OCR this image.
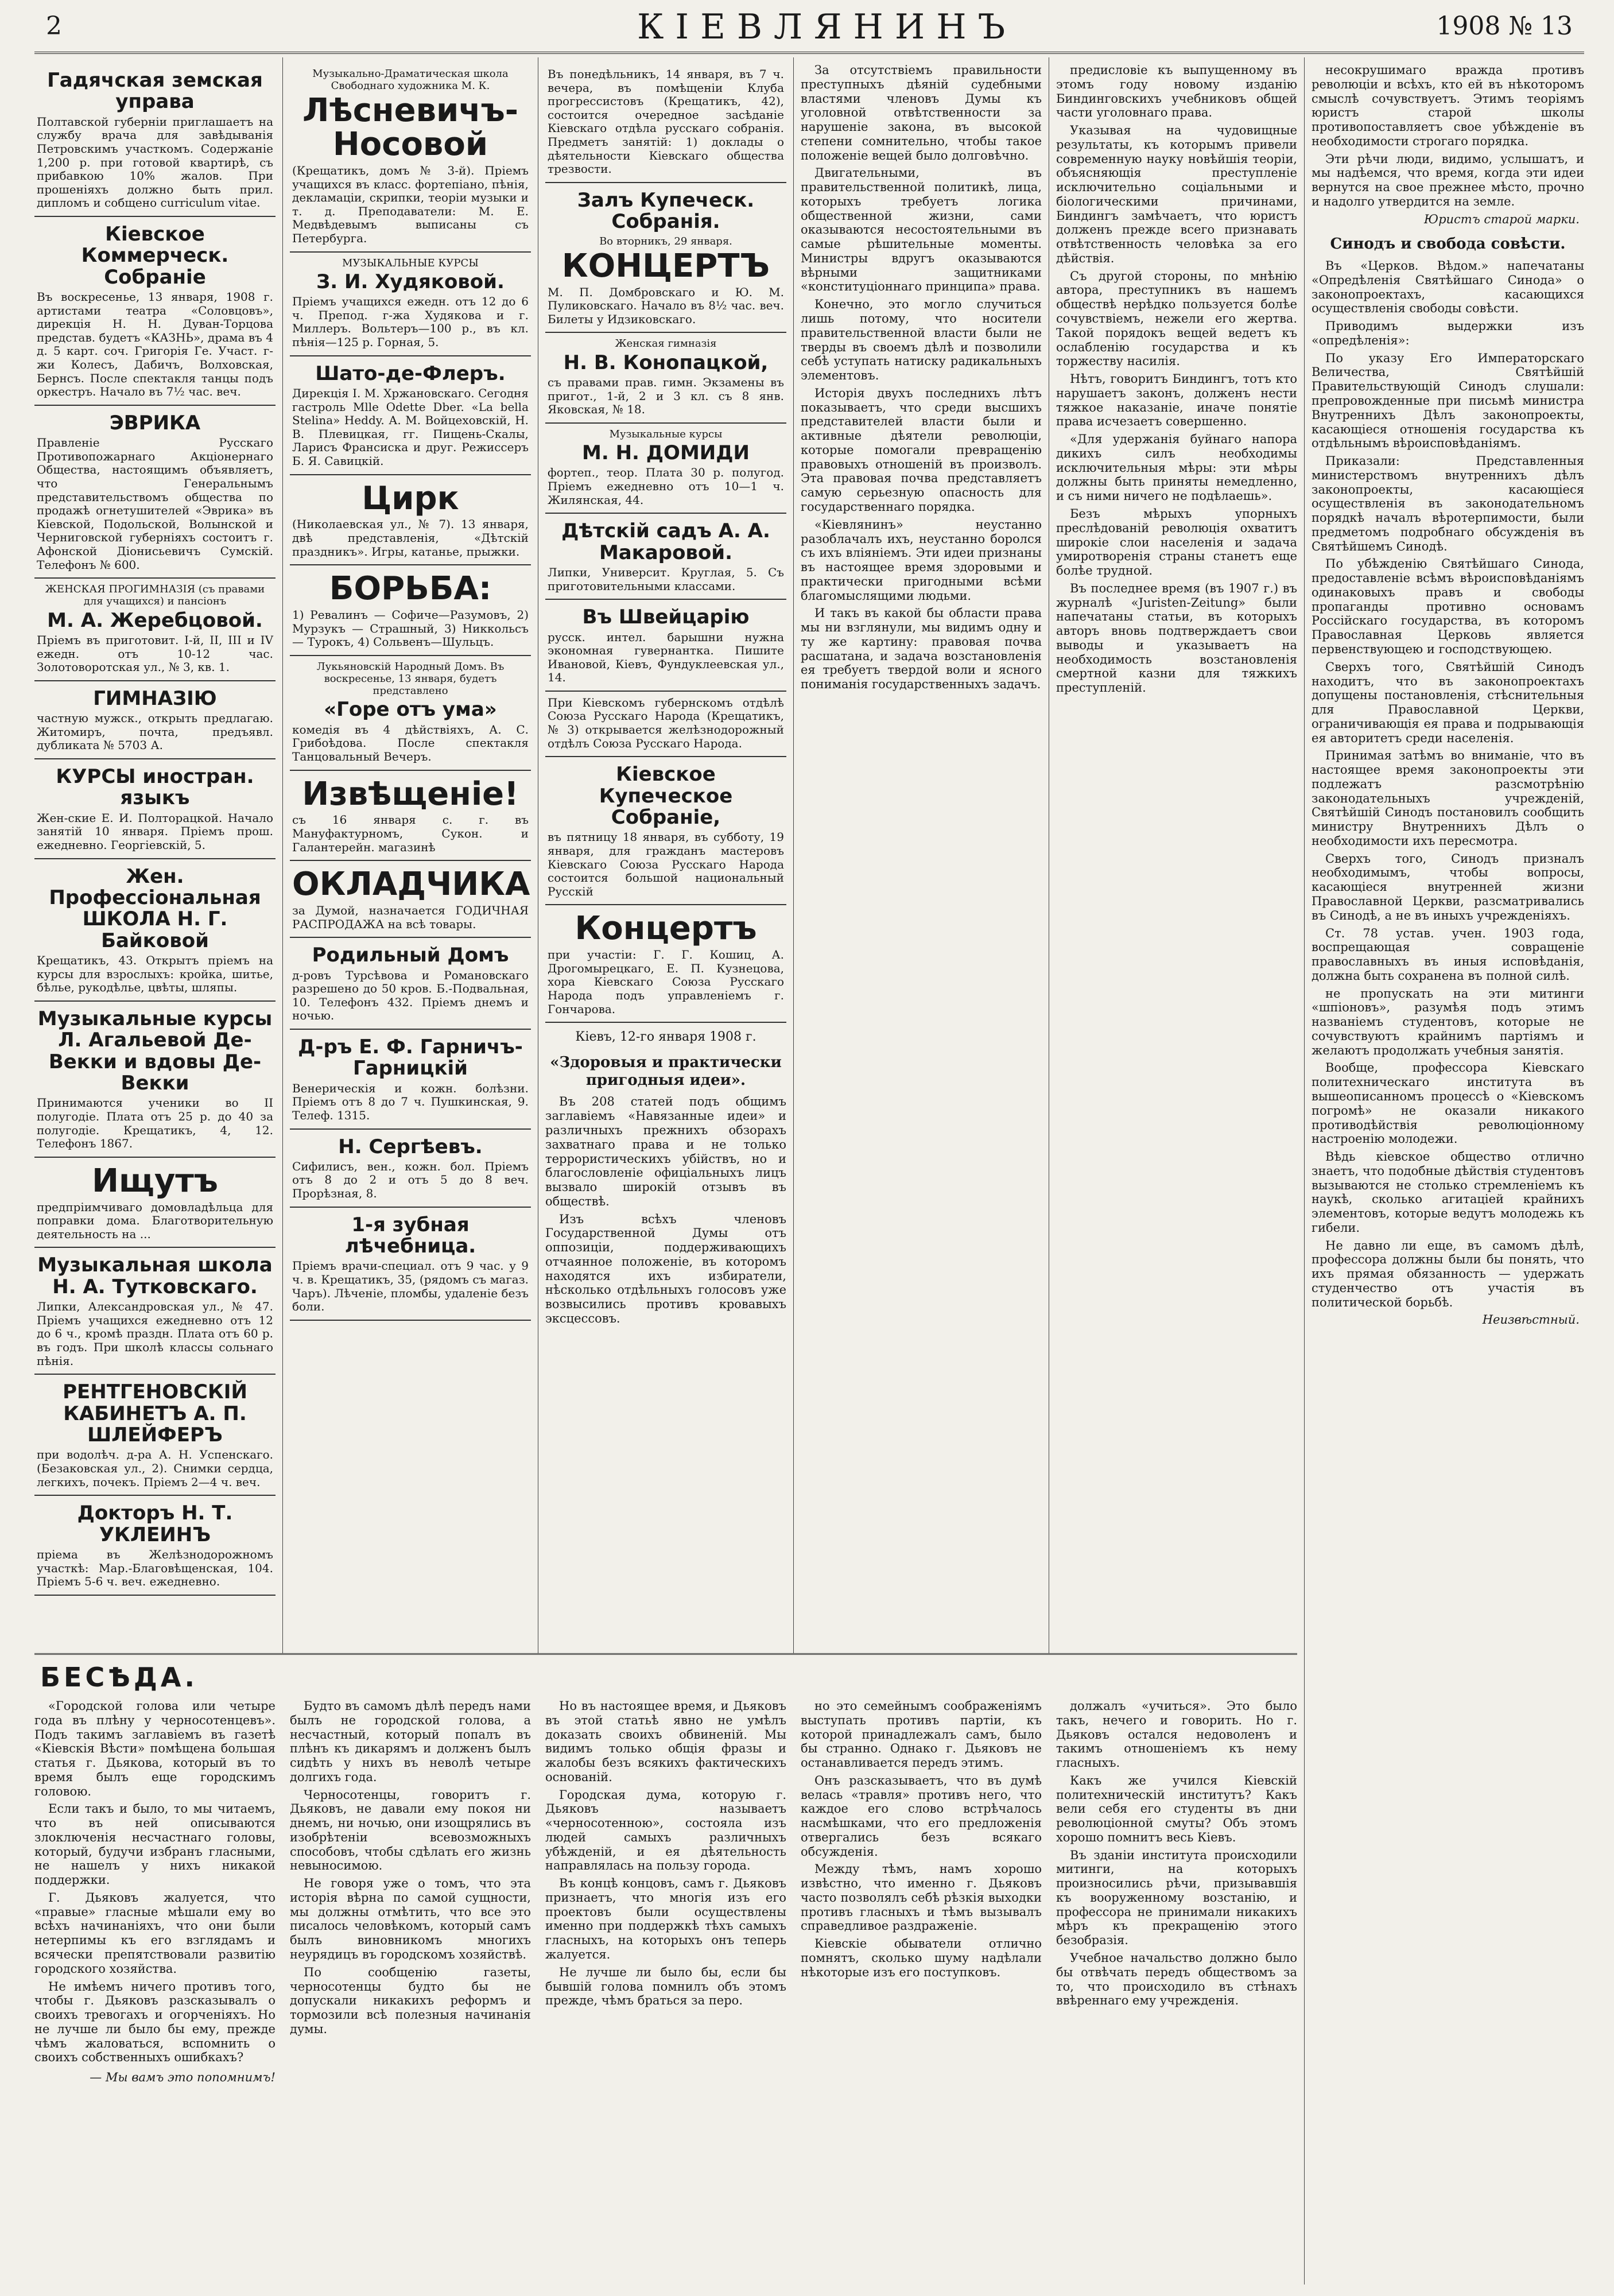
2	КІЕВЛЯНИНЪ	1908 № 13
Гадячская земская управа
Полтавской губерніи приглашаетъ на службу врача для завѣдыванія Петровскимъ участкомъ. Содержаніе 1,200 р. при готовой квартирѣ, съ прибавкою 10% жалов. При прошеніяхъ должно быть прил. дипломъ и собщено curriculum vitae.
Кіевское Коммерческ. Собраніе
Въ воскресенье, 13 января, 1908 г. артистами театра «Соловцовъ», дирекція Н. Н. Дуван-Торцова представ. будетъ «КАЗНЬ», драма въ 4 д. 5 карт. соч. Григорія Ге. Участ. г-жи Колесъ, Дабичъ, Волховская, Бернсъ. После спектакля танцы подъ оркестръ. Начало въ 7½ час. веч.
ЭВРИКА
Правленіе Русскаго Противопожарнаго Акціонернаго Общества, настоящимъ объявляетъ, что Генеральнымъ представительствомъ общества по продажѣ огнетушителей «Эврика» въ Кіевской, Подольской, Волынской и Черниговской губерніяхъ состоитъ г. Афонской Діонисьевичъ Сумскій. Телефонъ № 600.
ЖЕНСКАЯ ПРОГИМНАЗІЯ (съ правами для учащихся) и пансіонъ
М. А. Жеребцовой.
Пріемъ въ приготовит. I-й, II, III и IV ежедн. отъ 10-12 час. Золотоворотская ул., № 3, кв. 1.
ГИМНАЗІЮ
частную мужск., открыть предлагаю. Житомиръ, почта, предъявл. дубликата № 5703 А.
КУРСЫ иностран. языкъ
Жен-ские Е. И. Полторацкой. Начало занятій 10 января. Пріемъ прош. ежедневно. Георгіевскій, 5.
Жен. Профессіональная ШКОЛА Н. Г. Байковой
Крещатикъ, 43. Открытъ пріемъ на курсы для взрослыхъ: кройка, шитье, бѣлье, рукодѣлье, цвѣты, шляпы.
Музыкальные курсы Л. Агальевой Де-Векки и вдовы Де-Векки
Принимаются ученики во II полугодіе. Плата отъ 25 р. до 40 за полугодіе. Крещатикъ, 4, 12. Телефонъ 1867.
Ищутъ
предпріимчиваго домовладѣльца для поправки дома. Благотворительную деятельность на ...
Музыкальная школа Н. А. Тутковскаго.
Липки, Александровская ул., № 47. Пріемъ учащихся ежедневно отъ 12 до 6 ч., кромѣ праздн. Плата отъ 60 р. въ годъ. При школѣ классы сольнаго пѣнія.
РЕНТГЕНОВСКІЙ КАБИНЕТЪ А. П. ШЛЕЙФЕРЪ
при водолѣч. д-ра А. Н. Успенскаго. (Безаковская ул., 2). Снимки сердца, легкихъ, почекъ. Пріемъ 2—4 ч. веч.
Докторъ Н. Т. УКЛЕИНЪ
пріема въ Желѣзнодорожномъ участкѣ: Мар.-Благовѣщенская, 104. Пріемъ 5-6 ч. веч. ежедневно.
Музыкально-Драматическая школа Свободнаго художника М. К.
Лѣсневичъ-Носовой
(Крещатикъ, домъ № 3-й). Пріемъ учащихся въ класс. фортепіано, пѣнія, декламаціи, скрипки, теоріи музыки и т. д. Преподаватели: М. Е. Медвѣдевымъ выписаны съ Петербурга.
МУЗЫКАЛЬНЫЕ КУРСЫ
З. И. Худяковой.
Пріемъ учащихся ежедн. отъ 12 до 6 ч. Препод. г-жа Худякова и г. Миллеръ. Вольтеръ—100 р., въ кл. пѣнія—125 р. Горная, 5.
Шато-де-Флеръ.
Дирекція І. М. Хржановскаго. Сегодня гастроль Mlle Odette Dber. «La bella Stelina» Heddy. А. М. Войцеховскій, Н. В. Плевицкая, гг. Пищень-Скалы, Ларисъ Франсиска и друг. Режиссеръ Б. Я. Савицкій.
Цирк
(Николаевская ул., № 7). 13 января, двѣ представленія, «Дѣтскій праздникъ». Игры, катанье, прыжки.
БОРЬБА:
1) Ревалинъ — Софиче—Разумовъ, 2) Мурзукъ — Страшный, 3) Никкольсъ — Турокъ, 4) Сольвенъ—Шульцъ.
Лукьяновскій Народный Домъ. Въ воскресенье, 13 января, будетъ представлено
«Горе отъ ума»
комедія въ 4 дѣйствіяхъ, А. С. Грибоѣдова. После спектакля Танцовальный Вечеръ.
Извѣщеніе!
съ 16 января с. г. въ Мануфактурномъ, Сукон. и Галантерейн. магазинѣ
ОКЛАДЧИКА
за Думой, назначается ГОДИЧНАЯ РАСПРОДАЖА на всѣ товары.
Родильный Домъ
д-ровъ Турсѣвова и Романовскаго разрешено до 50 кров. Б.-Подвальная, 10. Телефонъ 432. Пріемъ днемъ и ночью.
Д-ръ Е. Ф. Гарничъ-Гарницкій
Венерическія и кожн. болѣзни. Пріемъ отъ 8 до 7 ч. Пушкинская, 9. Телеф. 1315.
Н. Сергѣевъ.
Сифилисъ, вен., кожн. бол. Пріемъ отъ 8 до 2 и отъ 5 до 8 веч. Прорѣзная, 8.
1-я зубная лѣчебница.
Пріемъ врачи-специал. отъ 9 час. у 9 ч. в. Крещатикъ, 35, (рядомъ съ магаз. Чаръ). Лѣченіе, пломбы, удаленіе безъ боли.
Въ понедѣльникъ, 14 января, въ 7 ч. вечера, въ помѣщеніи Клуба прогрессистовъ (Крещатикъ, 42), состоится очередное засѣданіе Кіевскаго отдѣла русскаго собранія. Предметъ занятій: 1) доклады о дѣятельности Кіевскаго общества трезвости.
Залъ Купеческ. Собранія.
Во вторникъ, 29 января.
КОНЦЕРТЪ
М. П. Домбровскаго и Ю. М. Пуликовскаго. Начало въ 8½ час. веч. Билеты у Идзиковскаго.
Женская гимназія
Н. В. Конопацкой,
съ правами прав. гимн. Экзамены въ пригот., 1-й, 2 и 3 кл. съ 8 янв. Яковская, № 18.
Музыкальные курсы
М. Н. ДОМИДИ
фортеп., теор. Плата 30 р. полугод. Пріемъ ежедневно отъ 10—1 ч. Жилянская, 44.
Дѣтскій садъ А. А. Макаровой.
Липки, Университ. Круглая, 5. Съ приготовительными классами.
Въ Швейцарію
русск. интел. барышни нужна экономная гувернантка. Пишите Ивановой, Кіевъ, Фундуклеевская ул., 14.
При Кіевскомъ губернскомъ отдѣлѣ Союза Русскаго Народа (Крещатикъ, № 3) открывается желѣзнодорожный отдѣлъ Союза Русскаго Народа.
Кіевское Купеческое Собраніе,
въ пятницу 18 января, въ субботу, 19 января, для гражданъ мастеровъ Кіевскаго Союза Русскаго Народа состоится большой национальный Русскій
Концертъ
при участіи: Г. Г. Кошиц, А. Дрогомырецкаго, Е. П. Кузнецова, хора Кіевскаго Союза Русскаго Народа подъ управленіемъ г. Гончарова.
Кіевъ, 12-го января 1908 г.
«Здоровыя и практически пригодныя идеи».

Въ 208 статей подъ общимъ заглавіемъ «Навязанные идеи» и различныхъ прежнихъ обзорахъ захватнаго права и не только террористическихъ убійствъ, но и благословленіе офиціальныхъ лицъ вызвало широкій отзывъ въ обществѣ.

Изъ всѣхъ членовъ Государственной Думы отъ оппозиціи, поддерживающихъ отчаянное положеніе, въ которомъ находятся ихъ избиратели, нѣсколько отдѣльныхъ голосовъ уже возвысились противъ кровавыхъ эксцессовъ.

За отсутствіемъ правильности преступныхъ дѣяній судебными властями членовъ Думы къ уголовной отвѣтственности за нарушеніе закона, въ высокой степени сомнительно, чтобы такое положеніе вещей было долговѣчно.

Двигательными, въ правительственной политикѣ, лица, которыхъ требуетъ логика общественной жизни, сами оказываются несостоятельными въ самые рѣшительные моменты. Министры вдругъ оказываются вѣрными защитниками «конституціоннаго принципа» права.

Конечно, это могло случиться лишь потому, что носители правительственной власти были не тверды въ своемъ дѣлѣ и позволили себѣ уступать натиску радикальныхъ элементовъ.

Исторія двухъ последнихъ лѣтъ показываетъ, что среди высшихъ представителей власти были и активные дѣятели революціи, которые помогали превращенію правовыхъ отношеній въ произволъ. Эта правовая почва представляетъ самую серьезную опасность для государственнаго порядка.

«Кіевлянинъ» неустанно разоблачалъ ихъ, неустанно боролся съ ихъ вліяніемъ. Эти идеи признаны въ настоящее время здоровыми и практически пригодными всѣми благомыслящими людьми.

И такъ въ какой бы области права мы ни взглянули, мы видимъ одну и ту же картину: правовая почва расшатана, и задача возстановленія ея требуетъ твердой воли и ясного пониманія государственныхъ задачъ.

предисловіе къ выпущенному въ этомъ году новому изданію Биндинговскихъ учебниковъ общей части уголовнаго права.

Указывая на чудовищные результаты, къ которымъ привели современную науку новѣйшія теоріи, объясняющія преступленіе исключительно соціальными и біологическими причинами, Биндингъ замѣчаетъ, что юристъ долженъ прежде всего признавать отвѣтственность человѣка за его дѣйствія.

Съ другой стороны, по мнѣнію автора, преступникъ въ нашемъ обществѣ нерѣдко пользуется болѣе сочувствіемъ, нежели его жертва. Такой порядокъ вещей ведетъ къ ослабленію государства и къ торжеству насилія.

Нѣтъ, говоритъ Биндингъ, тотъ кто нарушаетъ законъ, долженъ нести тяжкое наказаніе, иначе понятіе права исчезаетъ совершенно.

«Для удержанія буйнаго напора дикихъ силъ необходимы исключительныя мѣры: эти мѣры должны быть приняты немедленно, и съ ними ничего не подѣлаешь».

Безъ мѣрыхъ упорныхъ преслѣдованій революція охватитъ широкіе слои населенія и задача умиротворенія страны станетъ еще болѣе трудной.

Въ последнее время (въ 1907 г.) въ журналѣ «Juristen-Zeitung» были напечатаны статьи, въ которыхъ авторъ вновь подтверждаетъ свои выводы и указываетъ на необходимость возстановленія смертной казни для тяжкихъ преступленій.

несокрушимаго вражда противъ революціи и всѣхъ, кто ей въ нѣкоторомъ смыслѣ сочувствуетъ. Этимъ теоріямъ юристъ старой школы противопоставляетъ свое убѣжденіе въ необходимости строгаго порядка.

Эти рѣчи люди, видимо, услышатъ, и мы надѣемся, что время, когда эти идеи вернутся на свое прежнее мѣсто, прочно и надолго утвердится на земле.

Юристъ старой марки.
Синодъ и свобода совѣсти.

Въ «Церков. Вѣдом.» напечатаны «Опредѣленія Святѣйшаго Синода» о законопроектахъ, касающихся осуществленія свободы совѣсти.

Приводимъ выдержки изъ «опредѣленія»:

По указу Его Императорскаго Величества, Святѣйшій Правительствующій Синодъ слушали: препровожденные при письмѣ министра Внутреннихъ Дѣлъ законопроекты, касающіеся отношенія государства къ отдѣльнымъ вѣроисповѣданіямъ.

Приказали: Представленныя министерствомъ внутреннихъ дѣлъ законопроекты, касающіеся осуществленія въ законодательномъ порядкѣ началъ вѣротерпимости, были предметомъ подробнаго обсужденія въ Святѣйшемъ Синодѣ.

По убѣжденію Святѣйшаго Синода, предоставленіе всѣмъ вѣроисповѣданіямъ одинаковыхъ правъ и свободы пропаганды противно основамъ Россійскаго государства, въ которомъ Православная Церковь является первенствующею и господствующею.

Сверхъ того, Святѣйшій Синодъ находитъ, что въ законопроектахъ допущены постановленія, стѣснительныя для Православной Церкви, ограничивающія ея права и подрывающія ея авторитетъ среди населенія.

Принимая затѣмъ во вниманіе, что въ настоящее время законопроекты эти подлежатъ разсмотрѣнію законодательныхъ учрежденій, Святѣйшій Синодъ постановилъ сообщить министру Внутреннихъ Дѣлъ о необходимости ихъ пересмотра.

Сверхъ того, Синодъ призналъ необходимымъ, чтобы вопросы, касающіеся внутренней жизни Православной Церкви, разсматривались въ Синодѣ, а не въ иныхъ учрежденіяхъ.

Ст. 78 устав. учен. 1903 года, воспрещающая совращеніе православныхъ въ иныя исповѣданія, должна быть сохранена въ полной силѣ.

не пропускать на эти митинги «шпіоновъ», разумѣя подъ этимъ названіемъ студентовъ, которые не сочувствуютъ крайнимъ партіямъ и желаютъ продолжать учебныя занятія.

Вообще, профессора Кіевскаго политехническаго института въ вышеописанномъ процессѣ о «Кіевскомъ погромѣ» не оказали никакого противодѣйствія революціонному настроенію молодежи.

Вѣдь кіевское общество отлично знаетъ, что подобные дѣйствія студентовъ вызываются не столько стремленіемъ къ наукѣ, сколько агитаціей крайнихъ элементовъ, которые ведутъ молодежь къ гибели.

Не давно ли еще, въ самомъ дѣлѣ, профессора должны были бы понять, что ихъ прямая обязанность — удержать студенчество отъ участія въ политической борьбѣ.

Неизвѣстный.
БЕСѢДА.

«Городской голова или четыре года въ плѣну у черносотенцевъ». Подъ такимъ заглавіемъ въ газетѣ «Кіевскія Вѣсти» помѣщена большая статья г. Дьякова, который въ то время былъ еще городскимъ головою.

Если такъ и было, то мы читаемъ, что въ ней описываются злоключенія несчастнаго головы, который, будучи избранъ гласными, не нашелъ у нихъ никакой поддержки.

Г. Дьяковъ жалуется, что «правые» гласные мѣшали ему во всѣхъ начинаніяхъ, что они были нетерпимы къ его взглядамъ и всячески препятствовали развитію городского хозяйства.

Не имѣемъ ничего противъ того, чтобы г. Дьяковъ разсказывалъ о своихъ тревогахъ и огорченіяхъ. Но не лучше ли было бы ему, прежде чѣмъ жаловаться, вспомнить о своихъ собственныхъ ошибкахъ?

— Мы вамъ это попомнимъ!

Будто въ самомъ дѣлѣ передъ нами былъ не городской голова, а несчастный, который попалъ въ плѣнъ къ дикарямъ и долженъ былъ сидѣть у нихъ въ неволѣ четыре долгихъ года.

Черносотенцы, говоритъ г. Дьяковъ, не давали ему покоя ни днемъ, ни ночью, они изощрялись въ изобрѣтеніи всевозможныхъ способовъ, чтобы сдѣлать его жизнь невыносимою.

Не говоря уже о томъ, что эта исторія вѣрна по самой сущности, мы должны отмѣтить, что все это писалось человѣкомъ, который самъ былъ виновникомъ многихъ неурядицъ въ городскомъ хозяйствѣ.

По сообщенію газеты, черносотенцы будто бы не допускали никакихъ реформъ и тормозили всѣ полезныя начинанія думы.

Но въ настоящее время, и Дьяковъ въ этой статьѣ явно не умѣлъ доказать своихъ обвиненій. Мы видимъ только общія фразы и жалобы безъ всякихъ фактическихъ основаній.

Городская дума, которую г. Дьяковъ называетъ «черносотенною», состояла изъ людей самыхъ различныхъ убѣжденій, и ея дѣятельность направлялась на пользу города.

Въ концѣ концовъ, самъ г. Дьяковъ признаетъ, что многія изъ его проектовъ были осуществлены именно при поддержкѣ тѣхъ самыхъ гласныхъ, на которыхъ онъ теперь жалуется.

Не лучше ли было бы, если бы бывшій голова помнилъ объ этомъ прежде, чѣмъ браться за перо.

но это семейнымъ соображеніямъ выступать противъ партіи, къ которой принадлежалъ самъ, было бы странно. Однако г. Дьяковъ не останавливается передъ этимъ.

Онъ разсказываетъ, что въ думѣ велась «травля» противъ него, что каждое его слово встрѣчалось насмѣшками, что его предложенія отвергались безъ всякаго обсужденія.

Между тѣмъ, намъ хорошо извѣстно, что именно г. Дьяковъ часто позволялъ себѣ рѣзкія выходки противъ гласныхъ и тѣмъ вызывалъ справедливое раздраженіе.

Кіевскіе обыватели отлично помнятъ, сколько шуму надѣлали нѣкоторые изъ его поступковъ.

должалъ «учиться». Это было такъ, нечего и говорить. Но г. Дьяковъ остался недоволенъ и такимъ отношеніемъ къ нему гласныхъ.

Какъ же учился Кіевскій политехническій институтъ? Какъ вели себя его студенты въ дни революціонной смуты? Объ этомъ хорошо помнитъ весь Кіевъ.

Въ зданіи института происходили митинги, на которыхъ произносились рѣчи, призывавшія къ вооруженному возстанію, и профессора не принимали никакихъ мѣръ къ прекращенію этого безобразія.

Учебное начальство должно было бы отвѣчать передъ обществомъ за то, что происходило въ стѣнахъ ввѣреннаго ему учрежденія.
